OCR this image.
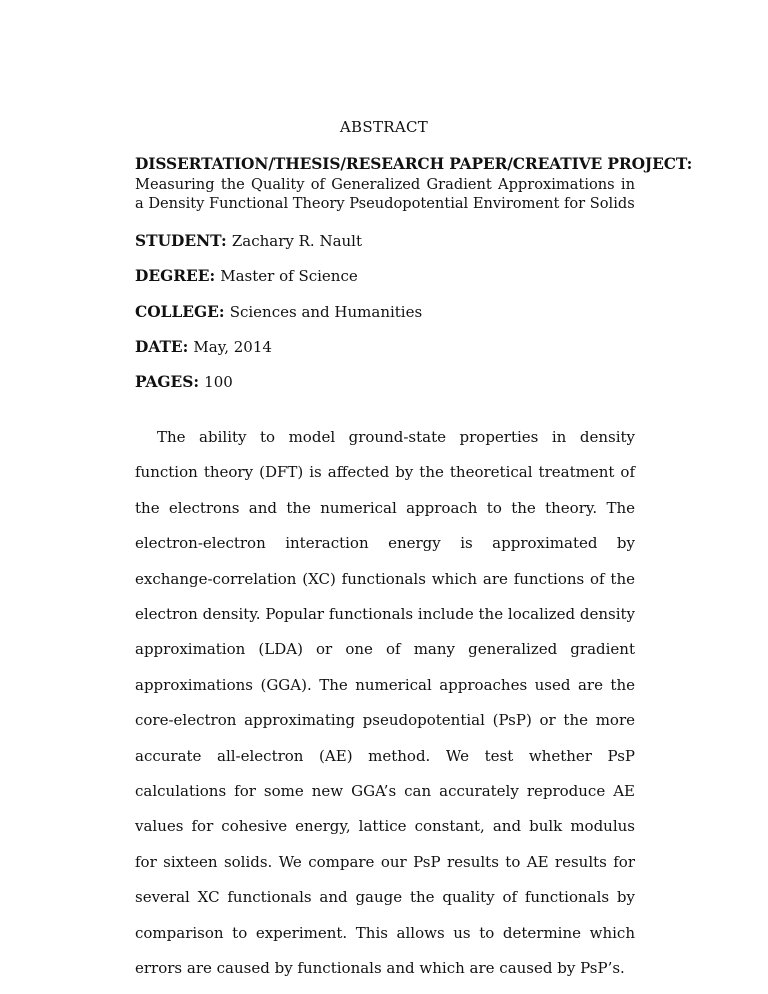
ABSTRACT
DISSERTATION/THESIS/RESEARCH PAPER/CREATIVE PROJECT:
Measuring the Quality of Generalized Gradient Approximations in a Density Functional Theory Pseudopotential Enviroment for Solids
STUDENT: Zachary R. Nault
DEGREE: Master of Science
COLLEGE: Sciences and Humanities
DATE: May, 2014
PAGES: 100

The ability to model ground-state properties in density function theory (DFT) is affected by the theoretical treatment of the electrons and the numerical approach to the theory. The electron-electron interaction energy is approximated by exchange-correlation (XC) functionals which are functions of the electron density. Popular functionals include the localized density approximation (LDA) or one of many generalized gradient approximations (GGA). The numerical approaches used are the core-electron approximating pseudopotential (PsP) or the more accurate all-electron (AE) method. We test whether PsP calculations for some new GGA’s can accurately reproduce AE values for cohesive energy, lattice constant, and bulk modulus for sixteen solids. We compare our PsP results to AE results for several XC functionals and gauge the quality of functionals by comparison to experiment. This allows us to determine which errors are caused by functionals and which are caused by PsP’s.
